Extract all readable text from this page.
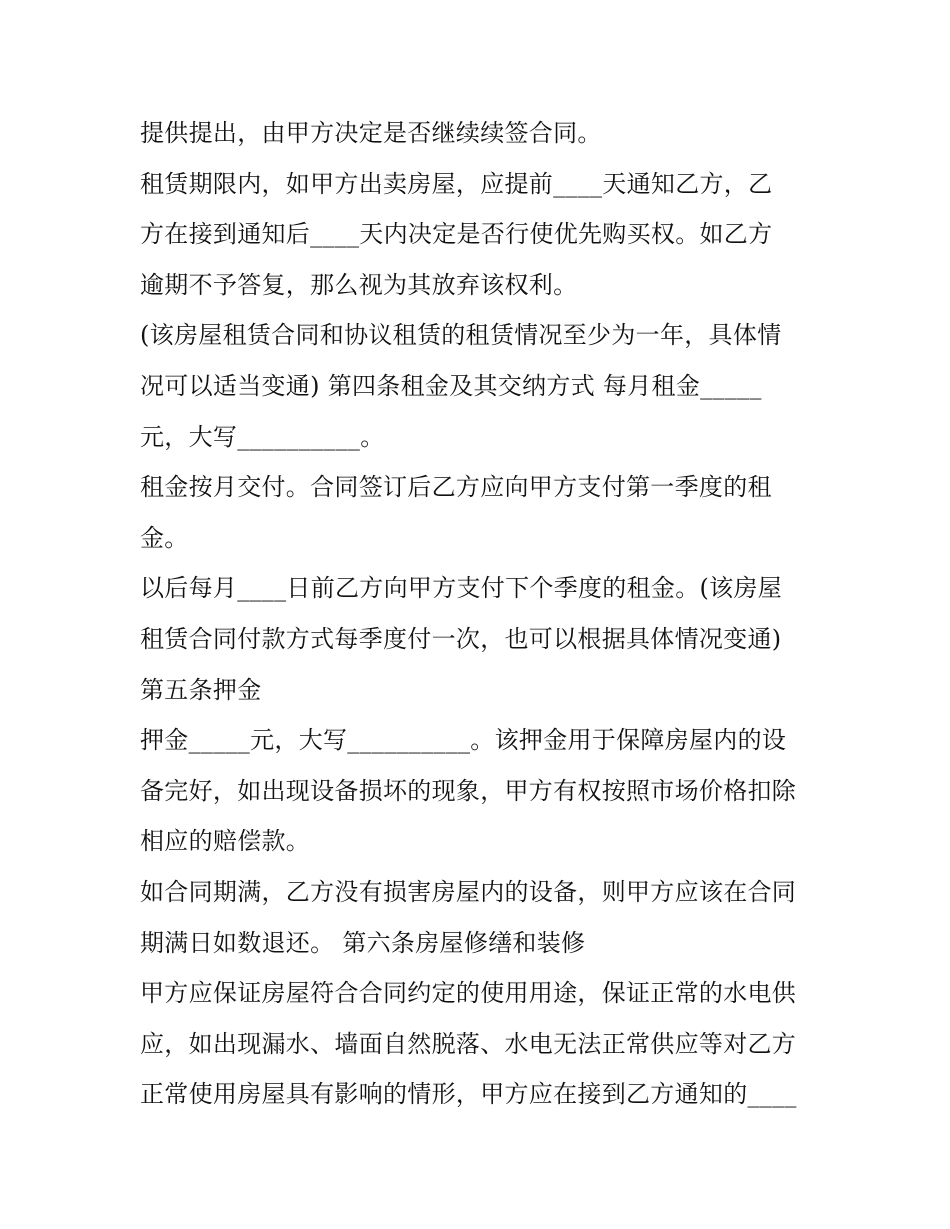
提供提出，由甲方决定是否继续续签合同。
租赁期限内，如甲方出卖房屋，应提前____天通知乙方，乙
方在接到通知后____天内决定是否行使优先购买权。如乙方
逾期不予答复，那么视为其放弃该权利。
(该房屋租赁合同和协议租赁的租赁情况至少为一年，具体情
况可以适当变通) 第四条租金及其交纳方式 每月租金_____
元，大写__________。
租金按月交付。合同签订后乙方应向甲方支付第一季度的租
金。
以后每月____日前乙方向甲方支付下个季度的租金。(该房屋
租赁合同付款方式每季度付一次，也可以根据具体情况变通)
第五条押金
押金_____元，大写__________。该押金用于保障房屋内的设
备完好，如出现设备损坏的现象，甲方有权按照市场价格扣除
相应的赔偿款。
如合同期满，乙方没有损害房屋内的设备，则甲方应该在合同
期满日如数退还。 第六条房屋修缮和装修
甲方应保证房屋符合合同约定的使用用途，保证正常的水电供
应，如出现漏水、墙面自然脱落、水电无法正常供应等对乙方
正常使用房屋具有影响的情形，甲方应在接到乙方通知的____
